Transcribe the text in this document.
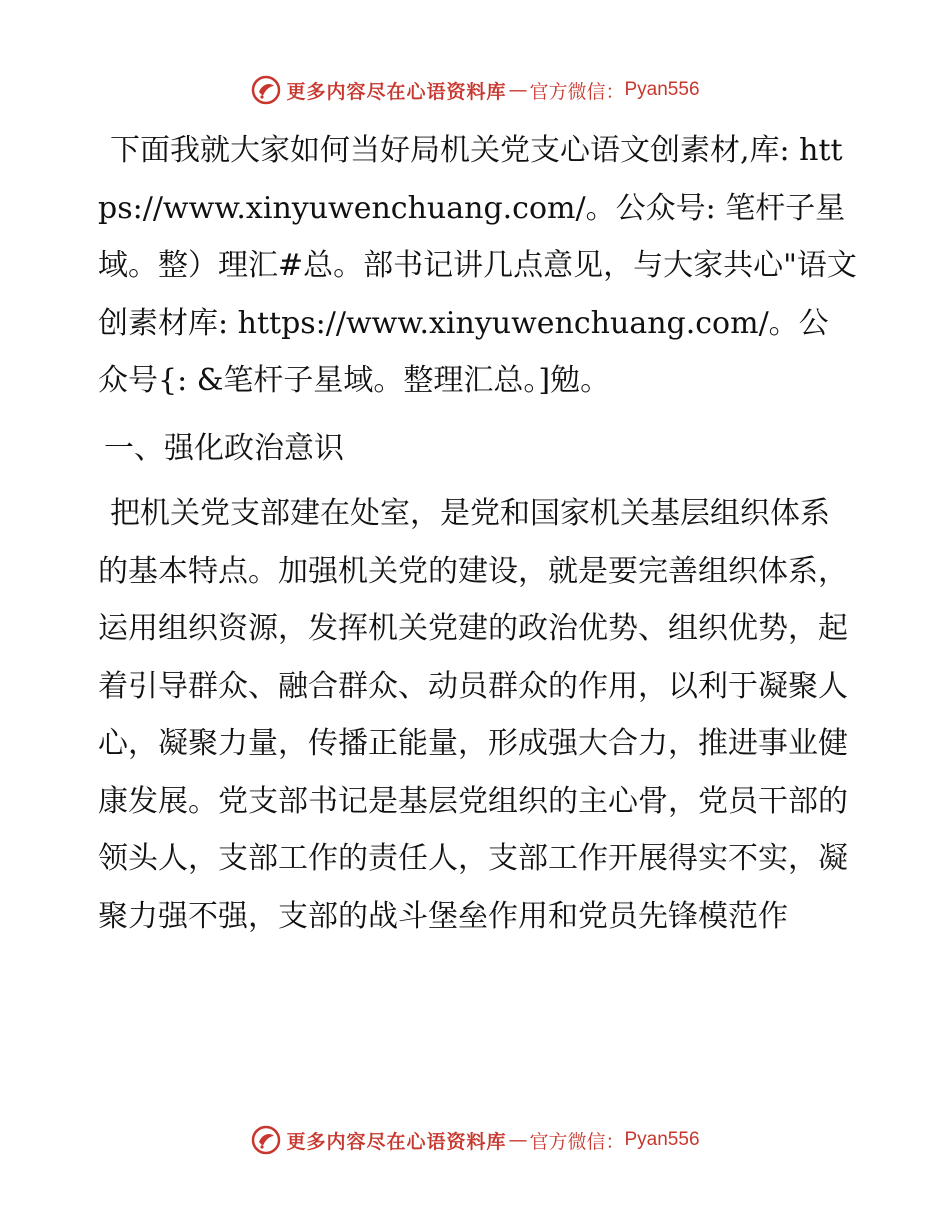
更多内容尽在心语资料库 — 官方微信： Pyan556

下面我就大家如何当好局机关党支心语文创素材,库: https://www.xinyuwenchuang.com/。公众号: 笔杆子星域。整）理汇#总。部书记讲几点意见，与大家共心"语文创素材库: https://www.xinyuwenchuang.com/。公众号{: &笔杆子星域。整理汇总。]勉。

一、强化政治意识

把机关党支部建在处室，是党和国家机关基层组织体系的基本特点。加强机关党的建设，就是要完善组织体系，运用组织资源，发挥机关党建的政治优势、组织优势，起着引导群众、融合群众、动员群众的作用，以利于凝聚人心，凝聚力量，传播正能量，形成强大合力，推进事业健康发展。党支部书记是基层党组织的主心骨，党员干部的领头人，支部工作的责任人，支部工作开展得实不实，凝聚力强不强，支部的战斗堡垒作用和党员先锋模范作

更多内容尽在心语资料库 — 官方微信： Pyan556
